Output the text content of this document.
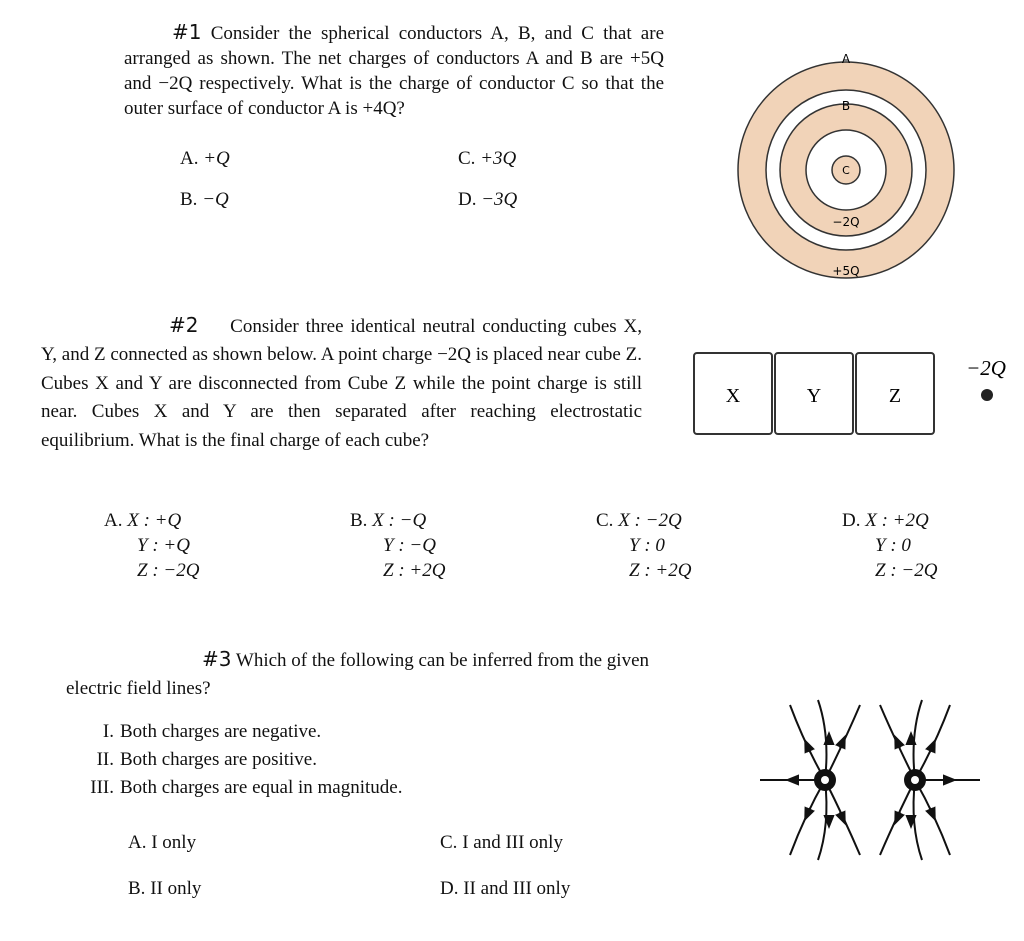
#1 Consider the spherical conductors A, B, and C that are arranged as shown. The net charges of conductors A and B are +5Q and −2Q respectively. What is the charge of conductor C so that the outer surface of conductor A is +4Q?
A. +Q
B. −Q
C. +3Q
D. −3Q
A
B
C
−2Q
+5Q
#2 Consider three identical neutral conducting cubes X, Y, and Z connected as shown below. A point charge −2Q is placed near cube Z. Cubes X and Y are disconnected from Cube Z while the point charge is still near. Cubes X and Y are then separated after reaching electrostatic equilibrium. What is the final charge of each cube?
X	Y	Z
−2Q
A. X : +Q
Y : +Q
Z : −2Q
B. X : −Q
Y : −Q
Z : +2Q
C. X : −2Q
Y : 0
Z : +2Q
D. X : +2Q
Y : 0
Z : −2Q
#3 Which of the following can be inferred from the given electric field lines?
I. Both charges are negative.
II. Both charges are positive.
III. Both charges are equal in magnitude.
A. I only
B. II only
C. I and III only
D. II and III only
